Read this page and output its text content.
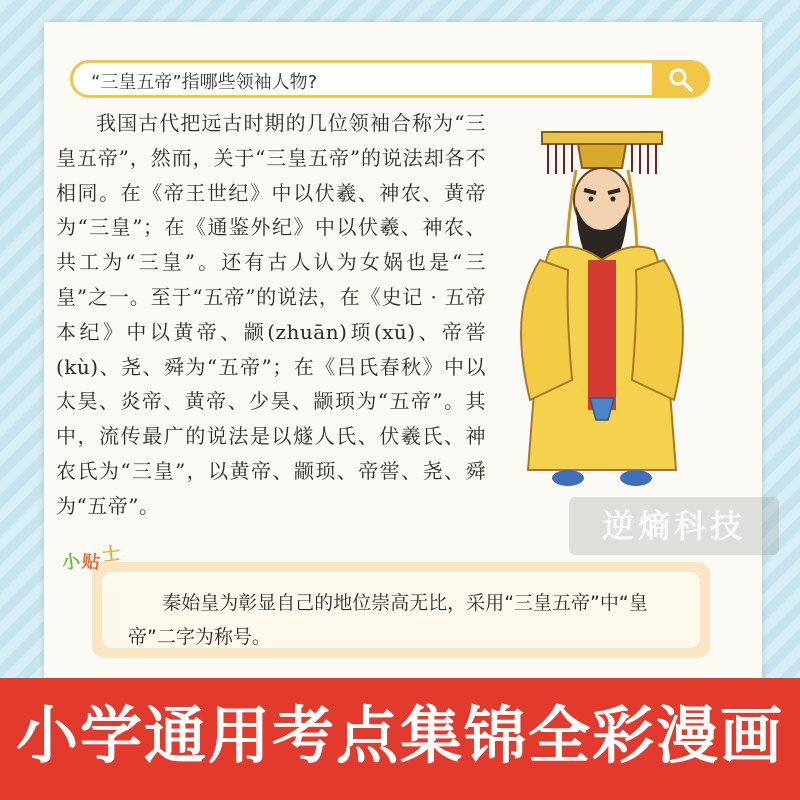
“三皇五帝”指哪些领袖人物?
我国古代把远古时期的几位领袖合称为“三皇五帝”，然而，关于“三皇五帝”的说法却各不相同。在《帝王世纪》中以伏羲、神农、黄帝为“三皇”；在《通鉴外纪》中以伏羲、神农、共工为“三皇”。还有古人认为女娲也是“三皇”之一。至于“五帝”的说法，在《史记 · 五帝本纪》中以黄帝、颛(zhuān)顼(xū)、帝喾(kù)、尧、舜为“五帝”；在《吕氏春秋》中以太昊、炎帝、黄帝、少昊、颛顼为“五帝”。其中，流传最广的说法是以燧人氏、伏羲氏、神农氏为“三皇”，以黄帝、颛顼、帝喾、尧、舜为“五帝”。
逆熵科技
秦始皇为彰显自己的地位崇高无比，采用“三皇五帝”中“皇帝”二字为称号。
小贴士
小学通用考点集锦全彩漫画
